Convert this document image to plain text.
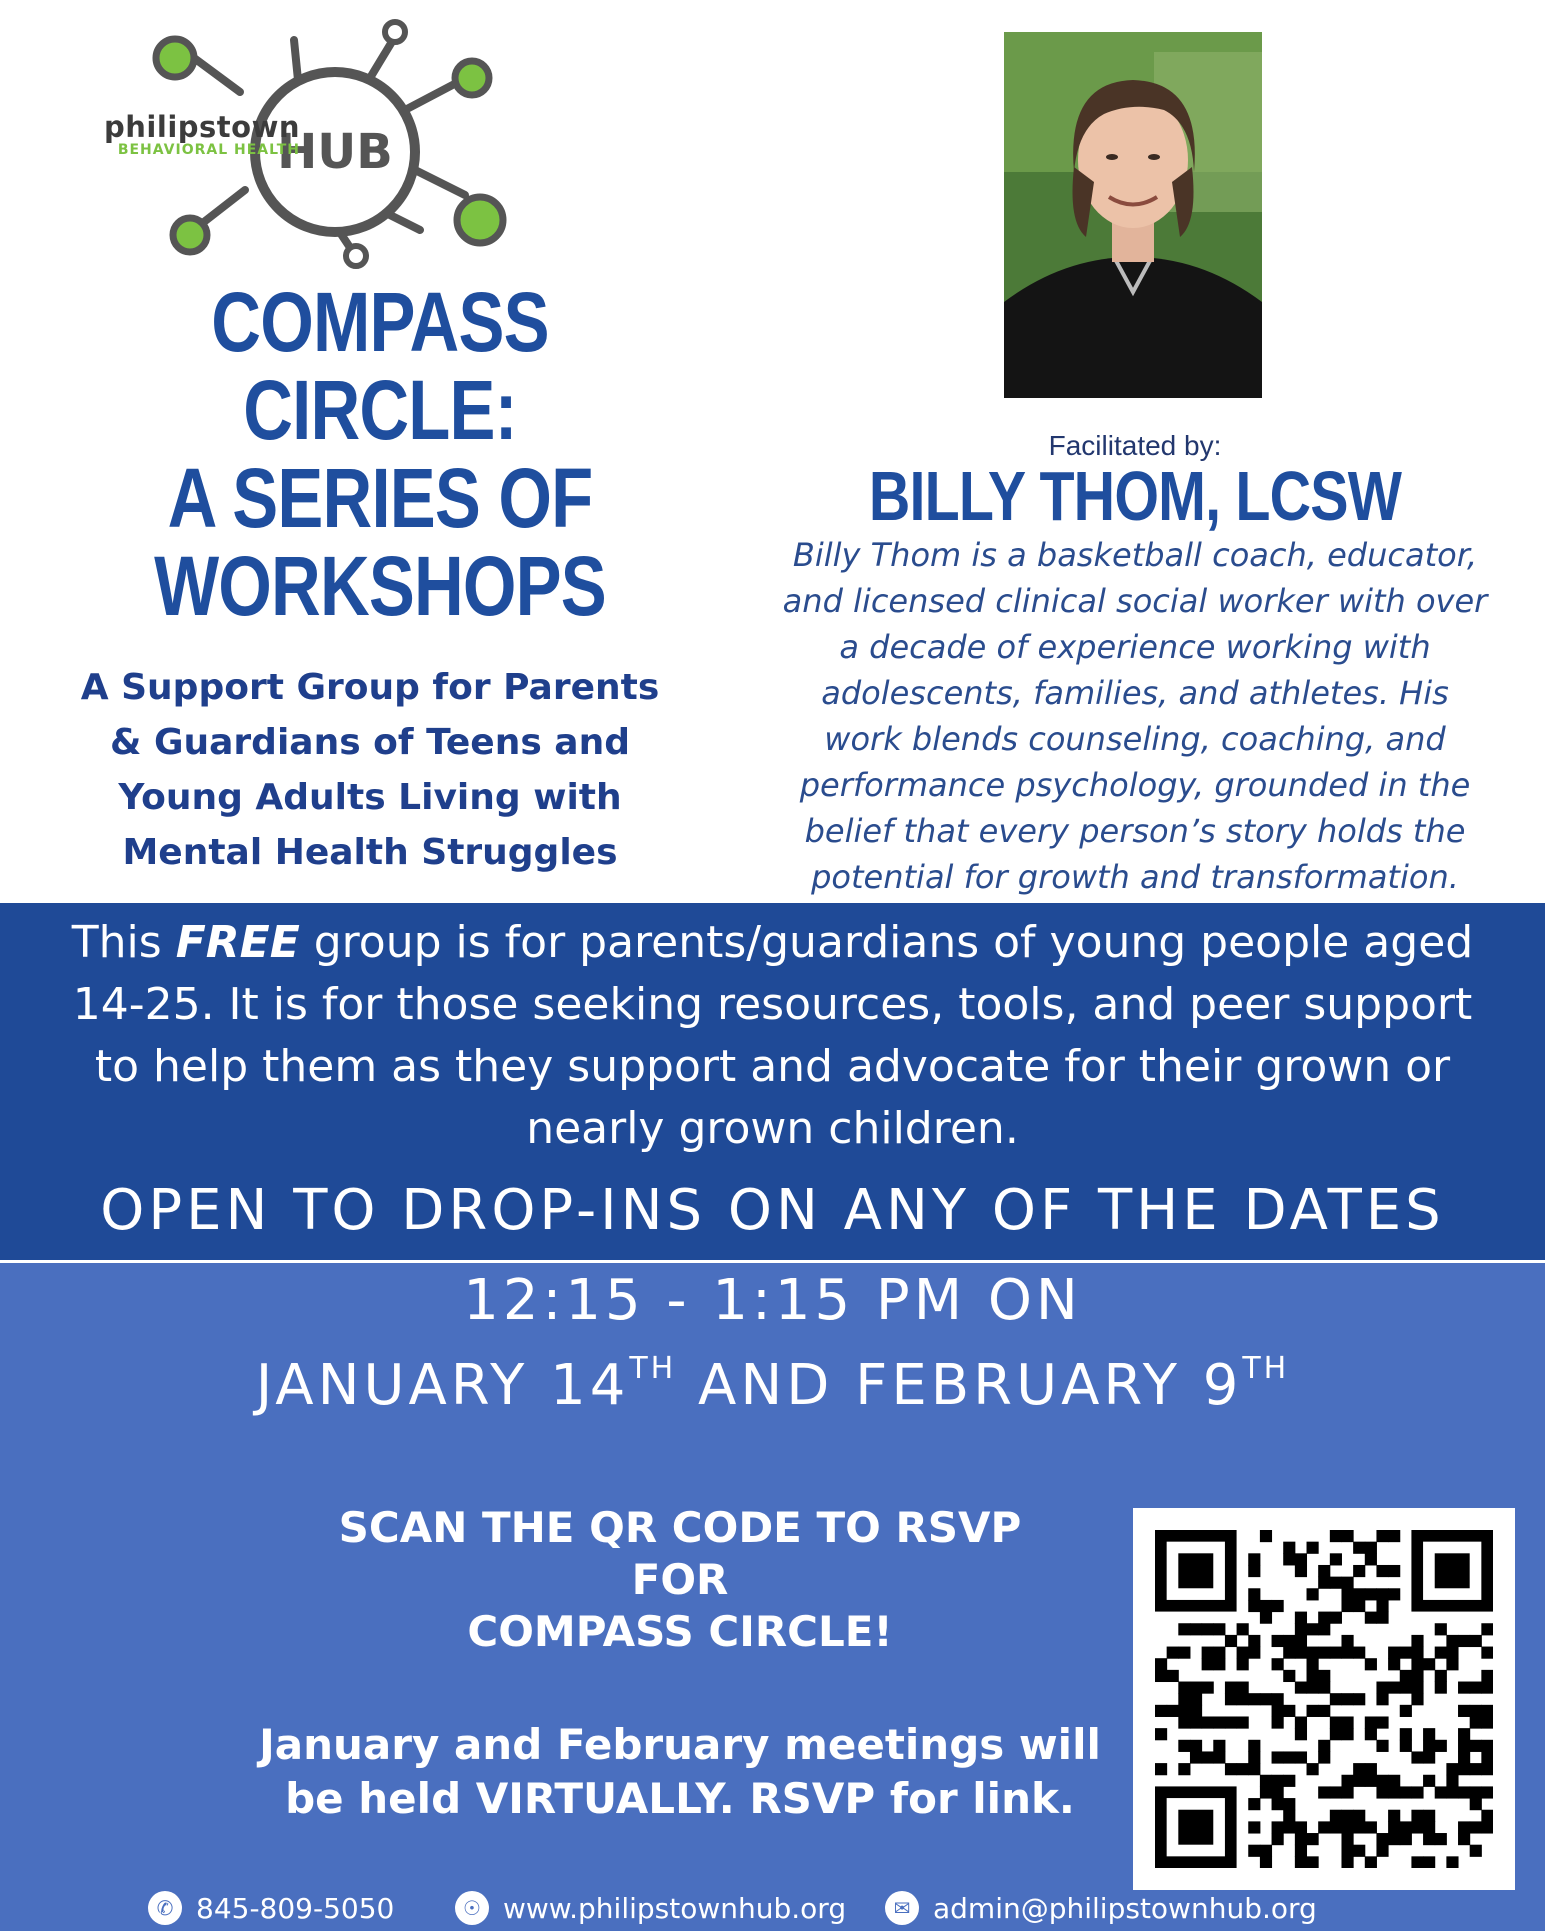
HUB
philipstown
BEHAVIORAL HEALTH
COMPASS
CIRCLE:
A SERIES OF
WORKSHOPS
A Support Group for Parents
& Guardians of Teens and
Young Adults Living with
Mental Health Struggles
Facilitated by:
BILLY THOM, LCSW
Billy Thom is a basketball coach, educator,
and licensed clinical social worker with over
a decade of experience working with
adolescents, families, and athletes. His
work blends counseling, coaching, and
performance psychology, grounded in the
belief that every person’s story holds the
potential for growth and transformation.
This FREE group is for parents/guardians of young people aged
14-25. It is for those seeking resources, tools, and peer support
to help them as they support and advocate for their grown or
nearly grown children.
OPEN TO DROP-INS ON ANY OF THE DATES
12:15 - 1:15 PM ON
JANUARY 14TH AND FEBRUARY 9TH
SCAN THE QR CODE TO RSVP
FOR
COMPASS CIRCLE!
January and February meetings will
be held VIRTUALLY. RSVP for link.
✆ 845-809-5050	☉ www.philipstownhub.org	✉ admin@philipstownhub.org
